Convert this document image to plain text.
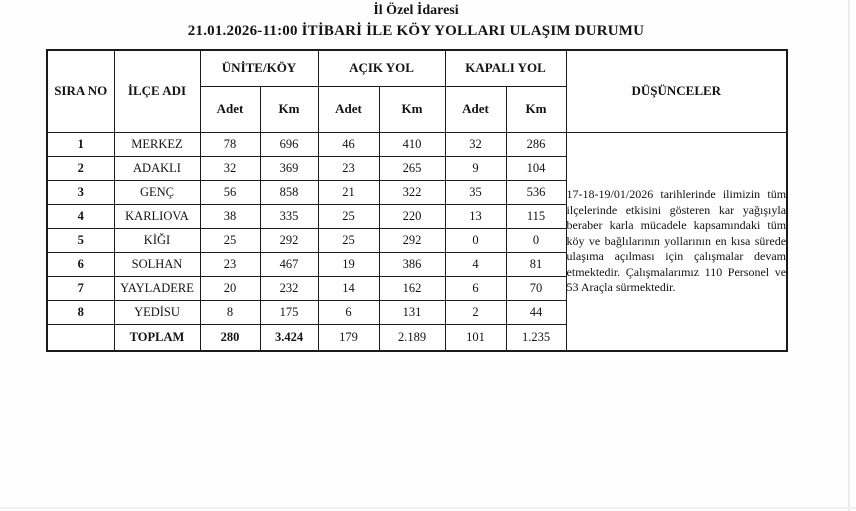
İl Özel İdaresi
21.01.2026-11:00 İTİBARİ İLE KÖY YOLLARI ULAŞIM DURUMU
SIRA NO	İLÇE ADI	ÜNİTE/KÖY		AÇIK YOL		KAPALI YOL		DÜŞÜNCELER
		Adet	Km	Adet	Km	Adet	Km	
1	MERKEZ	78	696	46	410	32	286	17-18-19/01/2026 tarihlerinde ilimizin tüm ilçelerinde etkisini gösteren kar yağışıyla beraber karla mücadele kapsamındaki tüm köy ve bağlılarının yollarının en kısa sürede ulaşıma açılması için çalışmalar devam etmektedir. Çalışmalarımız 110 Personel ve 53 Araçla sürmektedir.

2	ADAKLI	32	369	23	265	9	104	
3	GENÇ	56	858	21	322	35	536	
4	KARLIOVA	38	335	25	220	13	115	
5	KİĞI	25	292	25	292	0	0	
6	SOLHAN	23	467	19	386	4	81	
7	YAYLADERE	20	232	14	162	6	70	
8	YEDİSU	8	175	6	131	2	44	
	TOPLAM	280	3.424	179	2.189	101	1.235	
